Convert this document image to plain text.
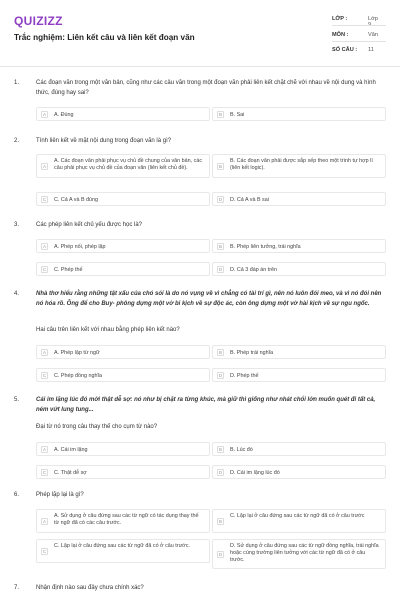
QUIZIZZ
Trắc nghiệm: Liên kết câu và liên kết đoạn văn
LỚP :	Lớp
MÔN :	Văn
SỐ CÂU :	11
1.	Các đoạn văn trong một văn bản, cũng như các câu văn trong một đoạn văn phải liên kết chặt chẽ với nhau về nội dung và hình thức, đúng hay sai?
A	A. Đúng	B	B. Sai
2.	Tính liên kết về mặt nội dung trong đoạn văn là gì?
A
A. Các đoạn văn phải phục vụ chủ đề chung của văn bản, các câu phải phục vụ chủ đề của đoạn văn (liên kết chủ đề).	B
B. Các đoạn văn phải được sắp xếp theo một trình tự hợp lí (liên kết logic).
C	C. Cả A và B đúng	D	D. Cả A và B sai
3.	Các phép liên kết chủ yếu được học là?
A	A. Phép nối, phép lặp	B	B. Phép liên tưởng, trái nghĩa
C	C. Phép thế	D	D. Cả 3 đáp án trên
4.	Nhà thơ hiểu rằng những tật xấu của chó sói là do nó vụng về vì chẳng có tài trí gì, nên nó luôn đói meo, và vì nó đói nên nó hóa rồ. Ông để cho Buy- phông dựng một vở bi kịch về sự độc ác, còn ông dựng một vở hài kịch về sự ngu ngốc.
Hai câu trên liên kết với nhau bằng phép liên kết nào?
A	A. Phép lặp từ ngữ	B	B. Phép trái nghĩa
C	C. Phép đồng nghĩa	D	D. Phép thế
5.	Cái im lặng lúc đó mới thật dễ sợ: nó như bị chặt ra từng khúc, mà giữ thì giống như nhát chổi lớn muốn quét đi tất cả, ném vứt lung tung...
Đại từ nó trong câu thay thế cho cụm từ nào?
A	A. Cái im lặng	B	B. Lúc đó
C	C. Thật dễ sợ	D	D. Cái im lặng lúc đó
6.	Phép lặp lại là gì?
A
A. Sử dụng ở câu đứng sau các từ ngữ có tác dụng thay thế từ ngữ đã có các câu trước.	B
C. Lặp lại ở câu đứng sau các từ ngữ đã có ở câu trước
C
C. Lặp lại ở câu đứng sau các từ ngữ đã có ở câu trước.
D
D. Sử dụng ở câu đứng sau các từ ngữ đồng nghĩa, trái nghĩa hoặc cùng trường liên tưởng với các từ ngữ đã có ở câu trước.
7.	Nhận định nào sau đây chưa chính xác?
